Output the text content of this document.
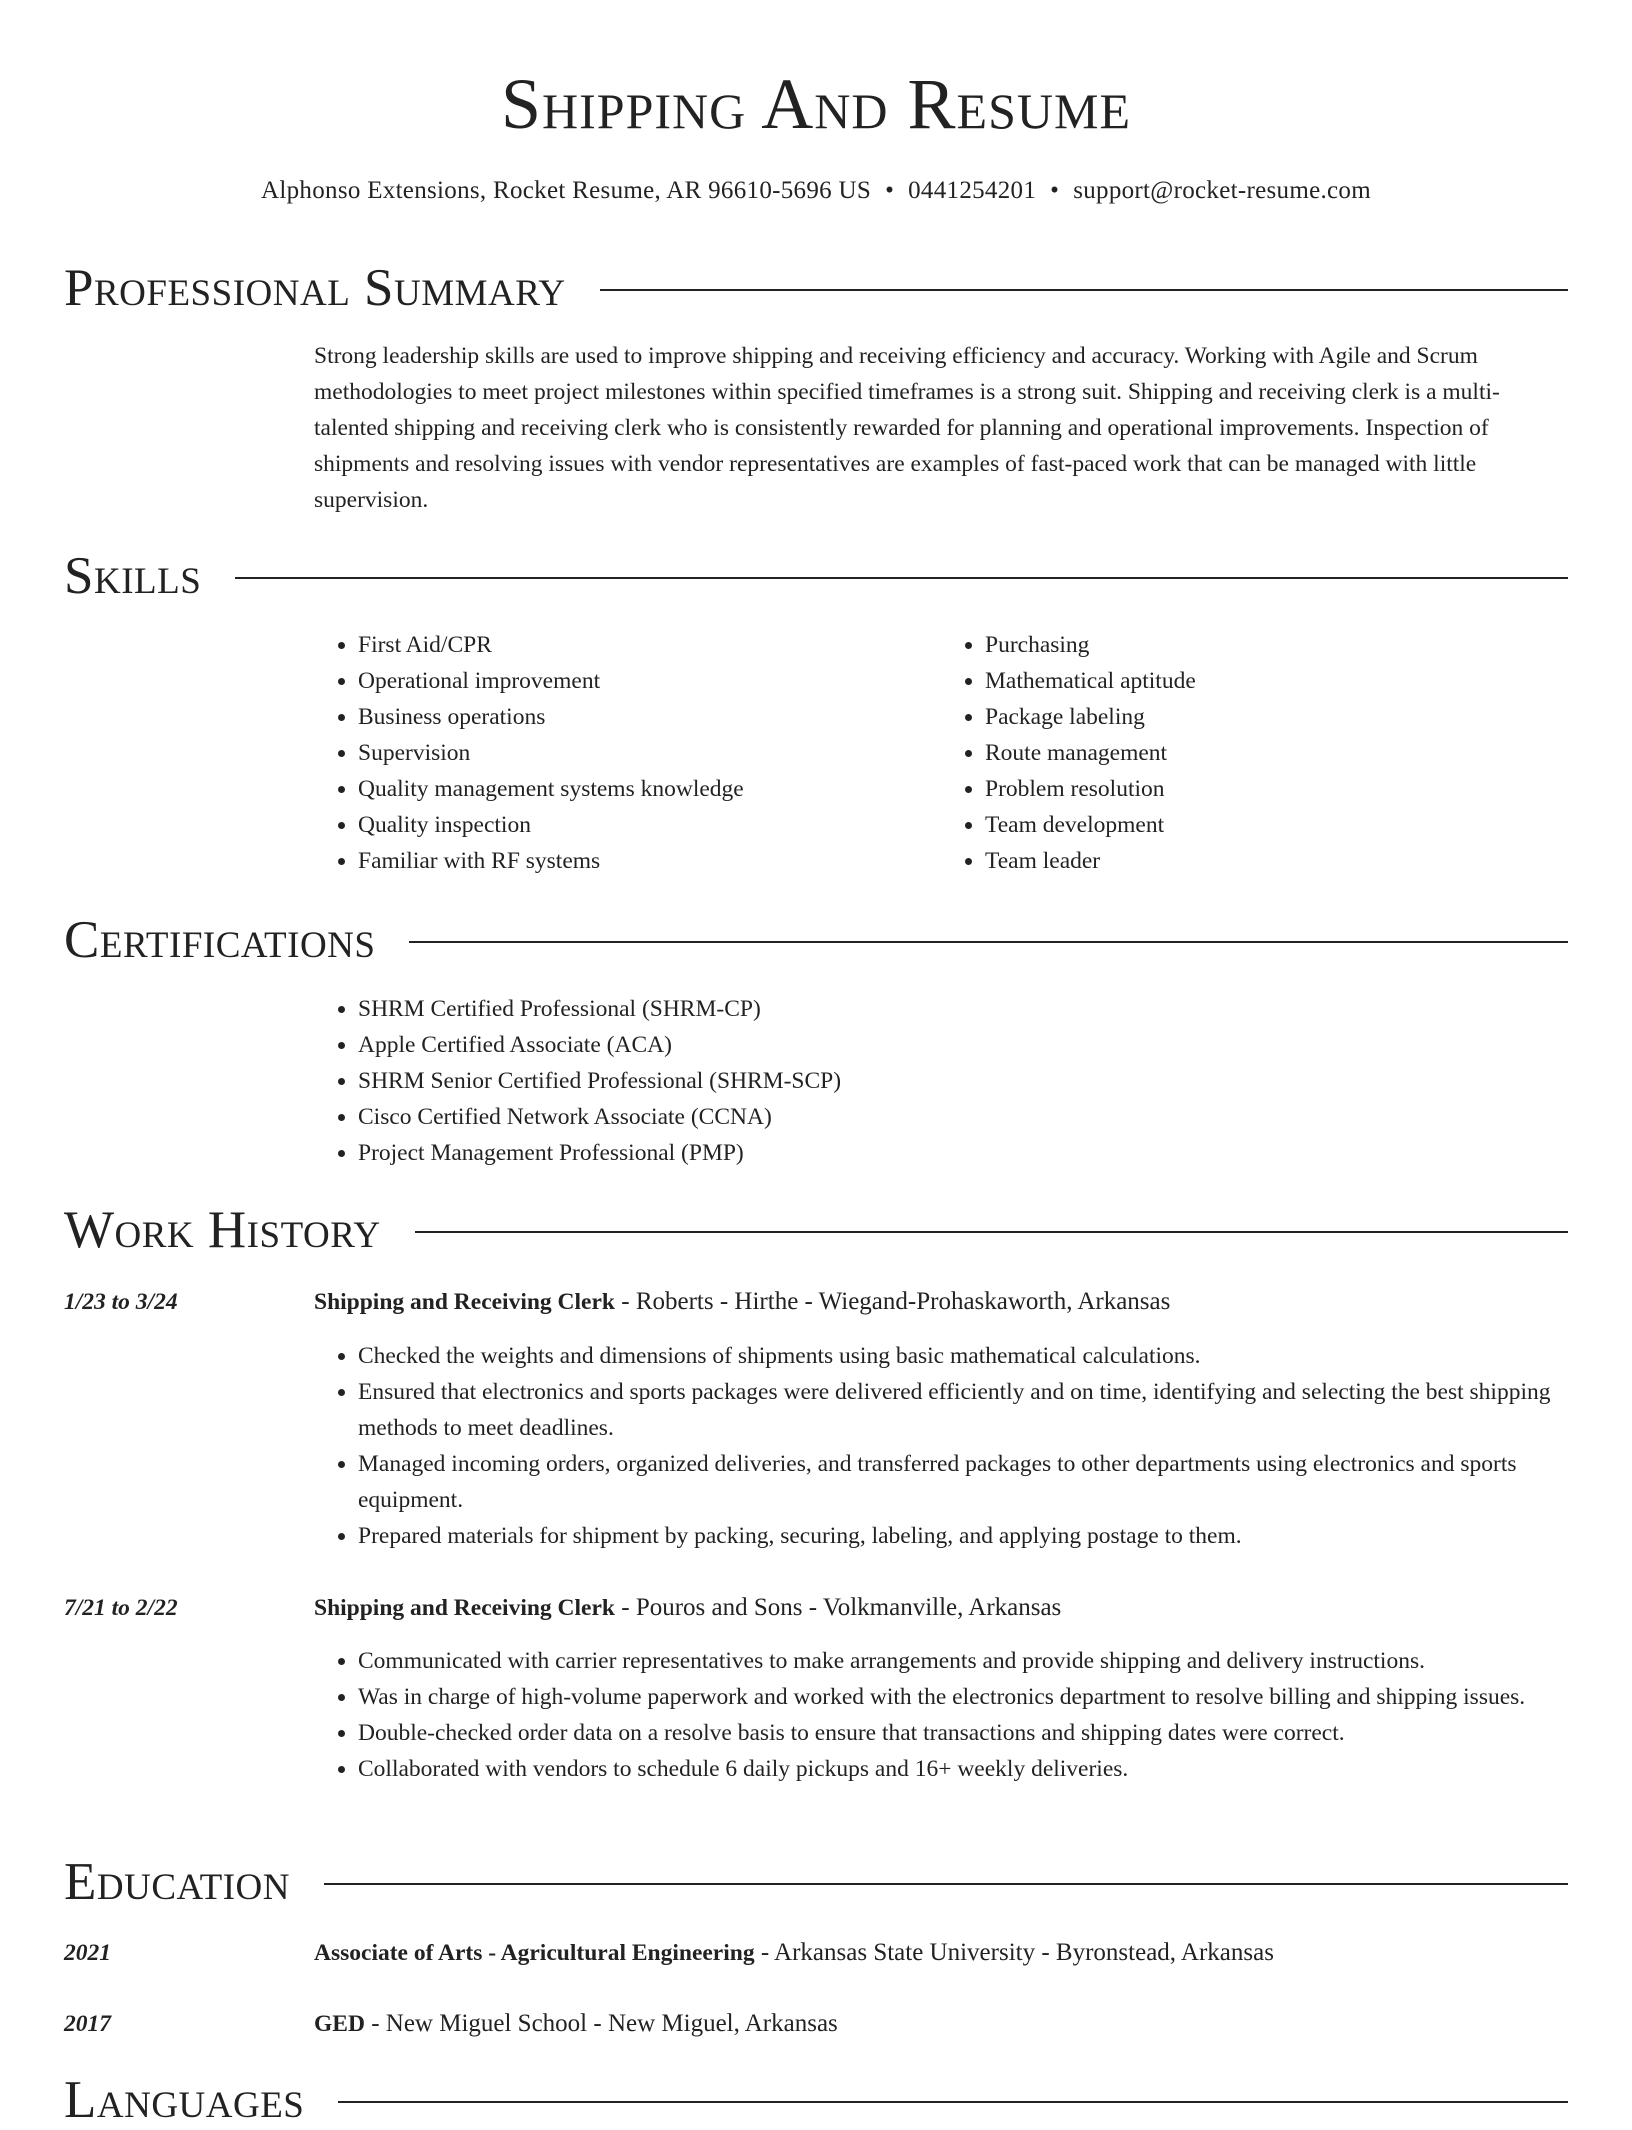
Shipping And Resume
Alphonso Extensions, Rocket Resume, AR 96610-5696 US • 0441254201 • support@rocket-resume.com
Professional Summary

Strong leadership skills are used to improve shipping and receiving efficiency and accuracy. Working with Agile and Scrum methodologies to meet project milestones within specified timeframes is a strong suit. Shipping and receiving clerk is a multi-talented shipping and receiving clerk who is consistently rewarded for planning and operational improvements. Inspection of shipments and resolving issues with vendor representatives are examples of fast-paced work that can be managed with little supervision.

Skills
• First Aid/CPR
• Operational improvement
• Business operations
• Supervision
• Quality management systems knowledge
• Quality inspection
• Familiar with RF systems
• Purchasing
• Mathematical aptitude
• Package labeling
• Route management
• Problem resolution
• Team development
• Team leader
Certifications
• SHRM Certified Professional (SHRM-CP)
• Apple Certified Associate (ACA)
• SHRM Senior Certified Professional (SHRM-SCP)
• Cisco Certified Network Associate (CCNA)
• Project Management Professional (PMP)
Work History
1/23 to 3/24	Shipping and Receiving Clerk - Roberts - Hirthe - Wiegand-Prohaskaworth, Arkansas
• Checked the weights and dimensions of shipments using basic mathematical calculations.
• Ensured that electronics and sports packages were delivered efficiently and on time, identifying and selecting the best shipping methods to meet deadlines.
• Managed incoming orders, organized deliveries, and transferred packages to other departments using electronics and sports equipment.
• Prepared materials for shipment by packing, securing, labeling, and applying postage to them.
7/21 to 2/22	Shipping and Receiving Clerk - Pouros and Sons - Volkmanville, Arkansas
• Communicated with carrier representatives to make arrangements and provide shipping and delivery instructions.
• Was in charge of high-volume paperwork and worked with the electronics department to resolve billing and shipping issues.
• Double-checked order data on a resolve basis to ensure that transactions and shipping dates were correct.
• Collaborated with vendors to schedule 6 daily pickups and 16+ weekly deliveries.
Education
2021	Associate of Arts - Agricultural Engineering - Arkansas State University - Byronstead, Arkansas
2017	GED - New Miguel School - New Miguel, Arkansas
Languages
